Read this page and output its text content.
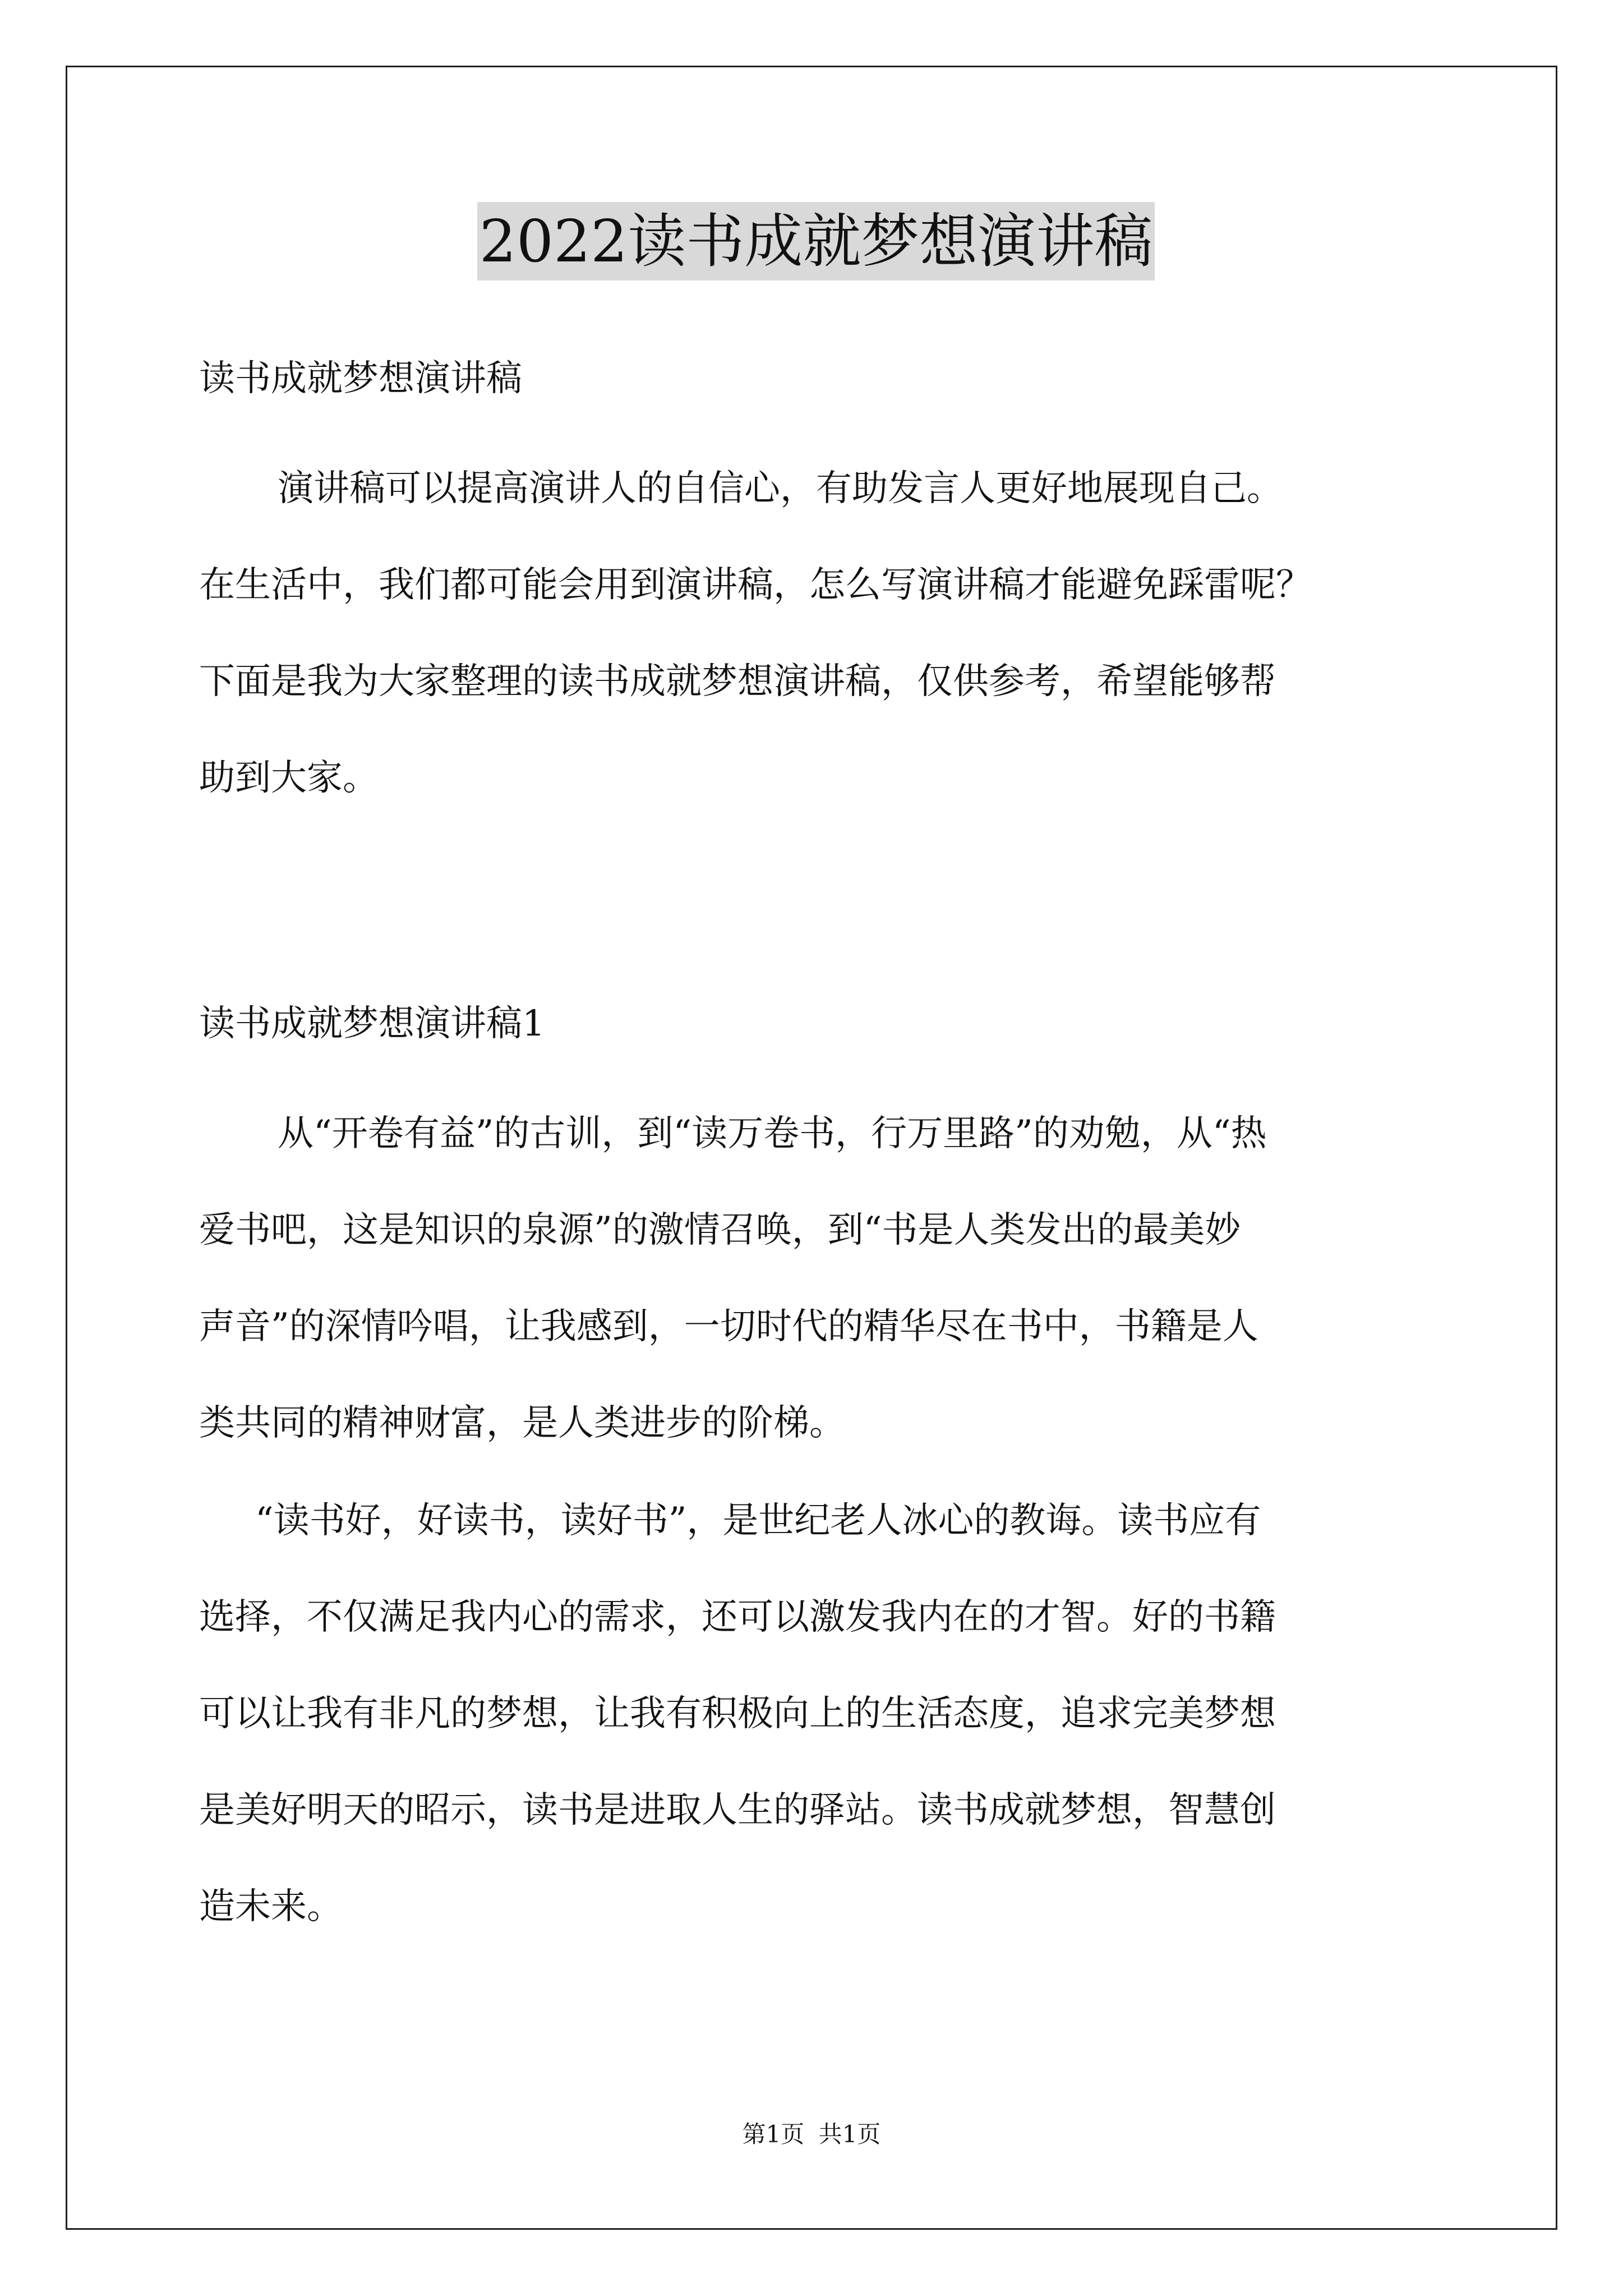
2022读书成就梦想演讲稿
读书成就梦想演讲稿
演讲稿可以提高演讲人的自信心，有助发言人更好地展现自己。
在生活中，我们都可能会用到演讲稿，怎么写演讲稿才能避免踩雷呢？
下面是我为大家整理的读书成就梦想演讲稿，仅供参考，希望能够帮
助到大家。
读书成就梦想演讲稿1
从“开卷有益”的古训，到“读万卷书，行万里路”的劝勉，从“热
爱书吧，这是知识的泉源”的激情召唤，到“书是人类发出的最美妙
声音”的深情吟唱，让我感到，一切时代的精华尽在书中，书籍是人
类共同的精神财富，是人类进步的阶梯。
“读书好，好读书，读好书”，是世纪老人冰心的教诲。读书应有
选择，不仅满足我内心的需求，还可以激发我内在的才智。好的书籍
可以让我有非凡的梦想，让我有积极向上的生活态度，追求完美梦想
是美好明天的昭示，读书是进取人生的驿站。读书成就梦想，智慧创
造未来。
第1页 共1页
